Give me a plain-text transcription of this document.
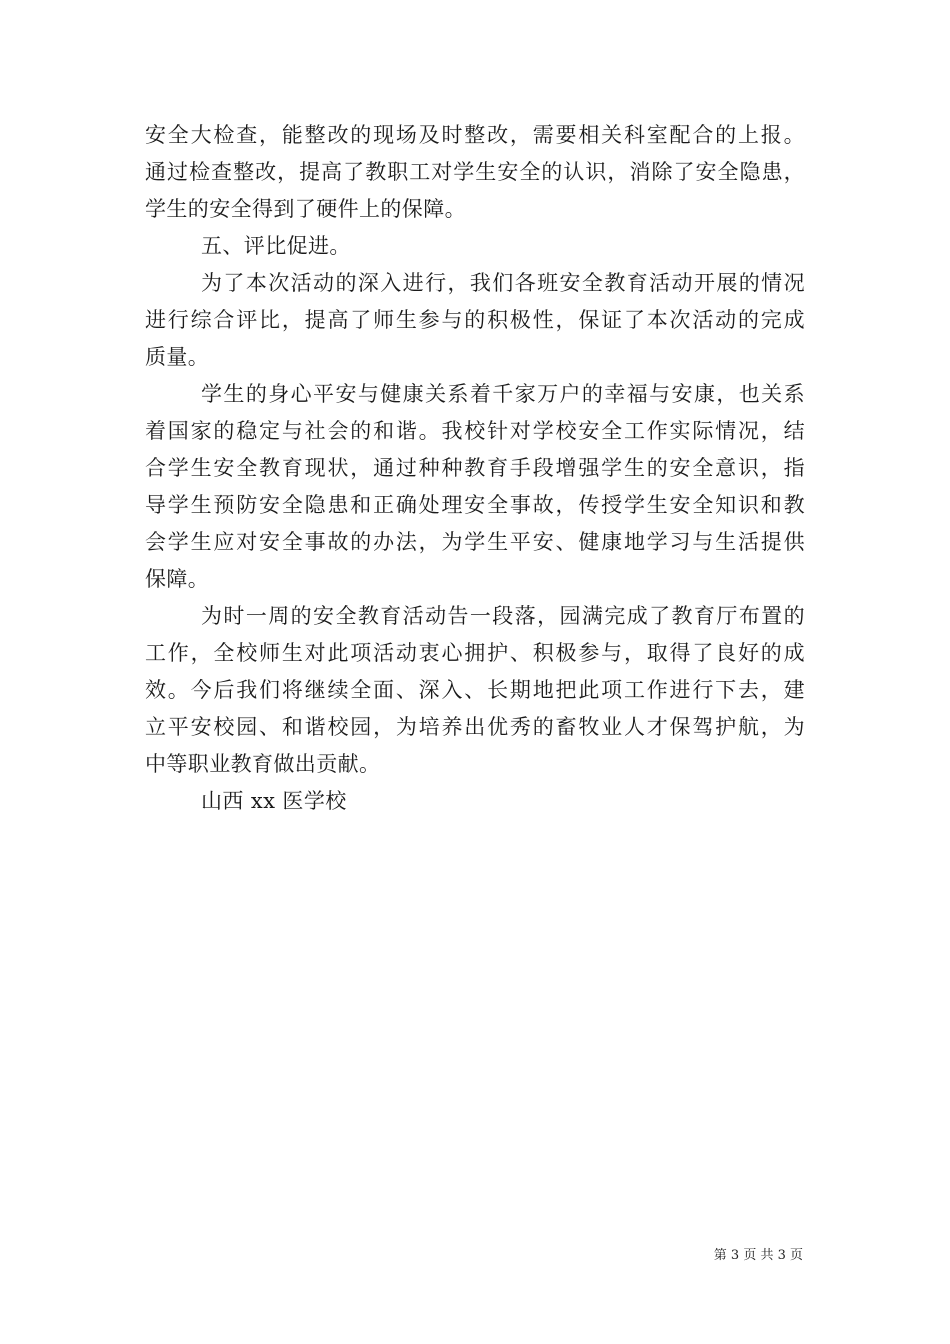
安全大检查，能整改的现场及时整改，需要相关科室配合的上报。
通过检查整改，提高了教职工对学生安全的认识，消除了安全隐患，
学生的安全得到了硬件上的保障。
五、评比促进。
为了本次活动的深入进行，我们各班安全教育活动开展的情况
进行综合评比，提高了师生参与的积极性，保证了本次活动的完成
质量。
学生的身心平安与健康关系着千家万户的幸福与安康，也关系
着国家的稳定与社会的和谐。我校针对学校安全工作实际情况，结
合学生安全教育现状，通过种种教育手段增强学生的安全意识，指
导学生预防安全隐患和正确处理安全事故，传授学生安全知识和教
会学生应对安全事故的办法，为学生平安、健康地学习与生活提供
保障。
为时一周的安全教育活动告一段落，园满完成了教育厅布置的
工作，全校师生对此项活动衷心拥护、积极参与，取得了良好的成
效。今后我们将继续全面、深入、长期地把此项工作进行下去，建
立平安校园、和谐校园，为培养出优秀的畜牧业人才保驾护航，为
中等职业教育做出贡献。
山西 xx 医学校
第 3 页 共 3 页
